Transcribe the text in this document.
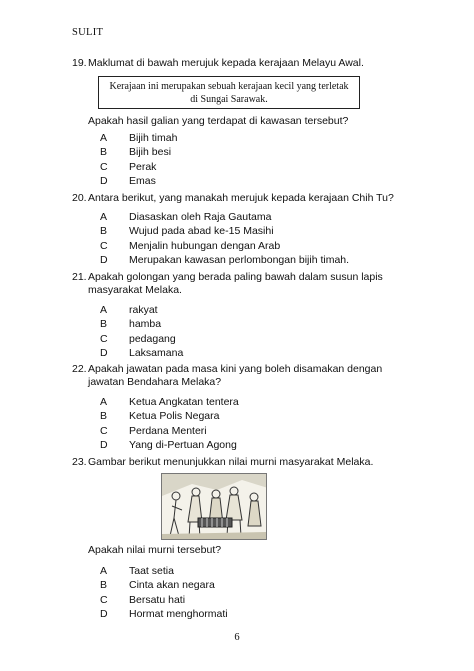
SULIT
19. Maklumat di bawah merujuk kepada kerajaan Melayu Awal.
Kerajaan ini merupakan sebuah kerajaan kecil yang terletak
di Sungai Sarawak.
Apakah hasil galian yang terdapat di kawasan tersebut?
A	Bijih timah
B	Bijih besi
C	Perak
D	Emas
20. Antara berikut, yang manakah merujuk kepada kerajaan Chih Tu?
A	Diasaskan oleh Raja Gautama
B	Wujud pada abad ke-15 Masihi
C	Menjalin hubungan dengan Arab
D	Merupakan kawasan perlombongan bijih timah.
21. Apakah golongan yang berada paling bawah dalam susun lapis masyarakat Melaka.
A	rakyat
B	hamba
C	pedagang
D	Laksamana
22. Apakah jawatan pada masa kini yang boleh disamakan dengan jawatan Bendahara Melaka?
A	Ketua Angkatan tentera
B	Ketua Polis Negara
C	Perdana Menteri
D	Yang di-Pertuan Agong
23. Gambar berikut menunjukkan nilai murni masyarakat Melaka.
Apakah nilai murni tersebut?
A	Taat setia
B	Cinta akan negara
C	Bersatu hati
D	Hormat menghormati
6
